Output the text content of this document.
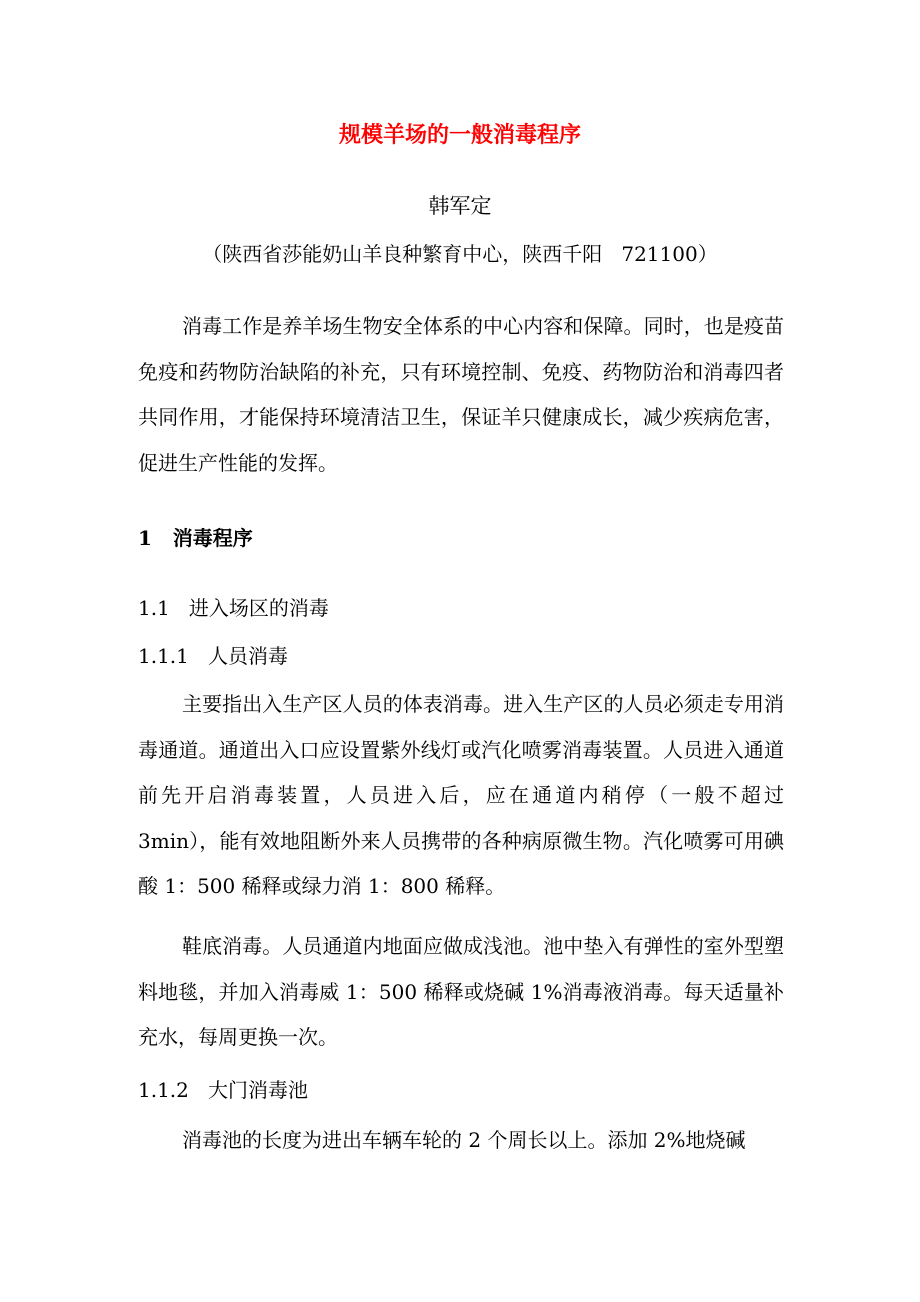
规模羊场的一般消毒程序
韩军定
（陕西省莎能奶山羊良种繁育中心，陕西千阳   721100）
消毒工作是养羊场生物安全体系的中心内容和保障。同时，也是疫苗免疫和药物防治缺陷的补充，只有环境控制、免疫、药物防治和消毒四者共同作用，才能保持环境清洁卫生，保证羊只健康成长，减少疾病危害，促进生产性能的发挥。
1   消毒程序
1.1   进入场区的消毒
1.1.1   人员消毒
主要指出入生产区人员的体表消毒。进入生产区的人员必须走专用消毒通道。通道出入口应设置紫外线灯或汽化喷雾消毒装置。人员进入通道前先开启消毒装置，人员进入后，应在通道内稍停（一般不超过 3min），能有效地阻断外来人员携带的各种病原微生物。汽化喷雾可用碘酸 1：500 稀释或绿力消 1：800 稀释。
鞋底消毒。人员通道内地面应做成浅池。池中垫入有弹性的室外型塑料地毯，并加入消毒威 1：500 稀释或烧碱 1%消毒液消毒。每天适量补充水，每周更换一次。
1.1.2   大门消毒池
消毒池的长度为进出车辆车轮的 2 个周长以上。添加 2%地烧碱
